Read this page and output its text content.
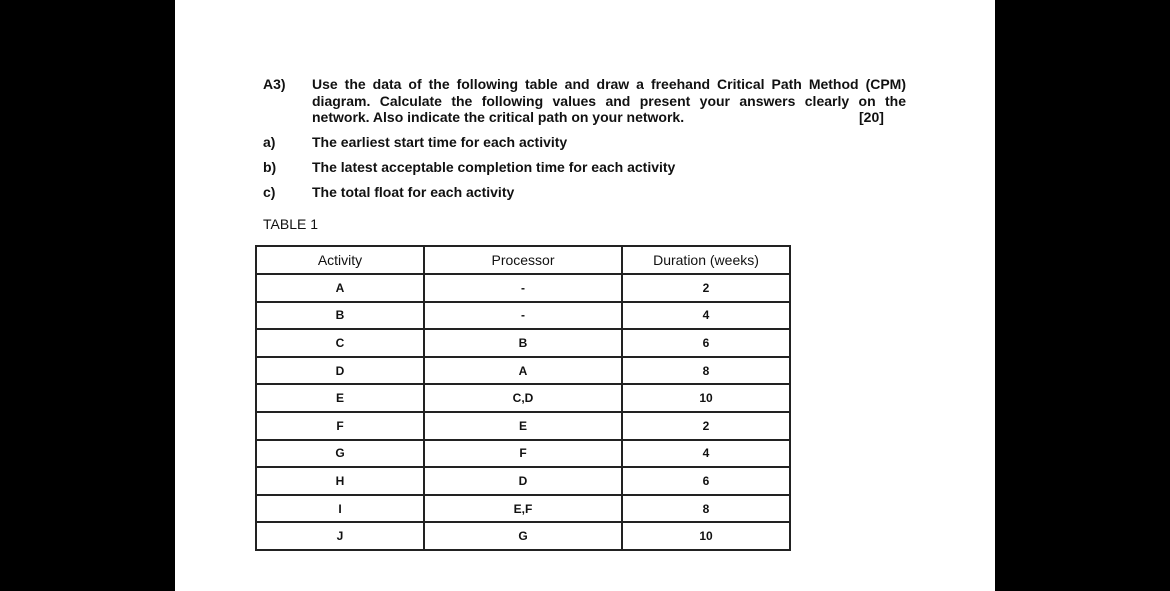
A3) Use the data of the following table and draw a freehand Critical Path Method (CPM) diagram. Calculate the following values and present your answers clearly on the network. Also indicate the critical path on your network.	[20]
a)	The earliest start time for each activity
b)	The latest acceptable completion time for each activity
c)	The total float for each activity
TABLE 1
Activity	Processor	Duration (weeks)
A	-	2
B	-	4
C	B	6
D	A	8
E	C,D	10
F	E	2
G	F	4
H	D	6
I	E,F	8
J	G	10
